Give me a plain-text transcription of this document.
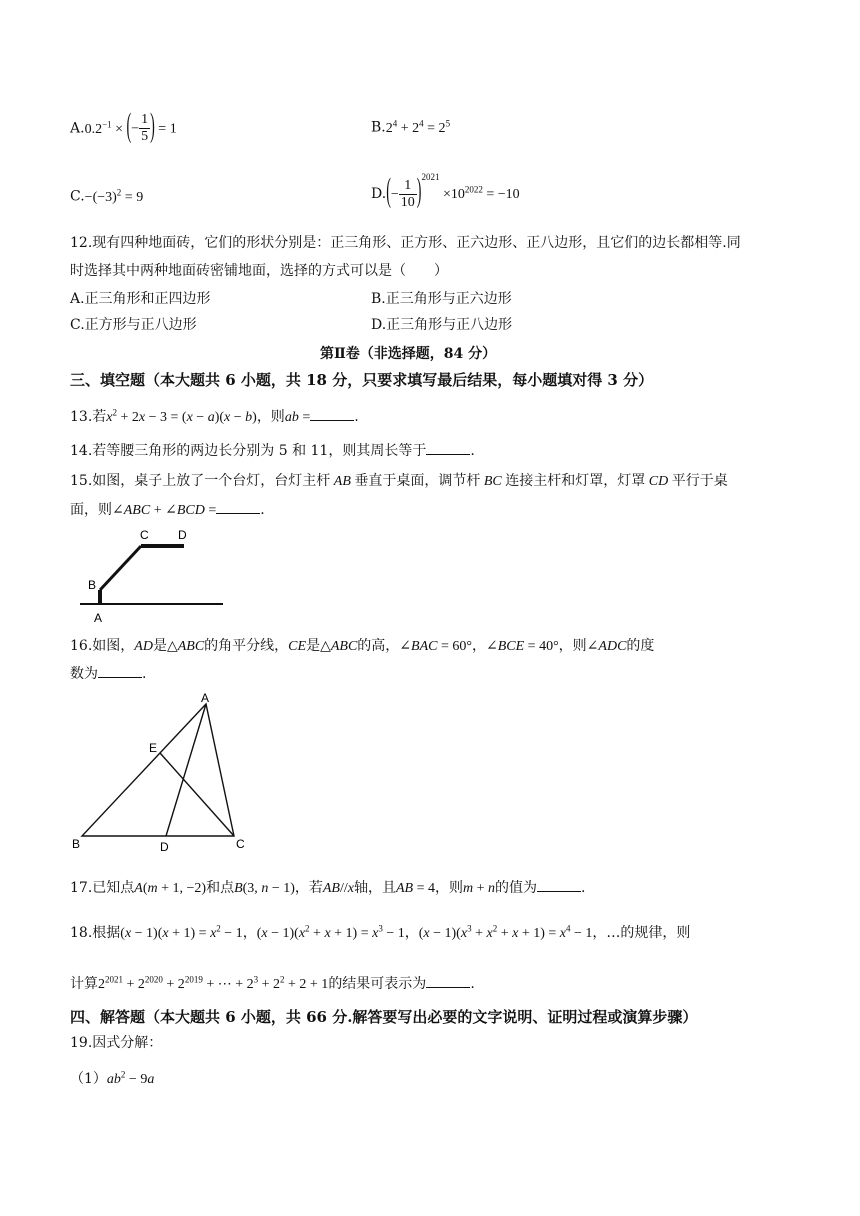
$A.0.2^{-1}$ × (− $\frac{1}{5}$ ) = 1	$B.2^4 + 2^4 = 2^5$
$C.-(-3)^2 = 9$	$D.(- \frac{1}{10} )^{2021} \times 10^{2022} = -10$
12.现有四种地面砖，它们的形状分别是：正三角形、正方形、正六边形、正八边形，且它们的边长都相等.同
时选择其中两种地面砖密铺地面，选择的方式可以是（　　）
A.正三角形和正四边形	B.正三角形与正六边形
C.正方形与正八边形	D.正三角形与正八边形
第Ⅱ卷（非选择题，84 分）
三、填空题（本大题共 6 小题，共 18 分，只要求填写最后结果，每小题填对得 3 分）
13.若$x^2 + 2x - 3 = (x - a)(x - b)$，则ab =	.
14.若等腰三角形的两边长分别为 5 和 11，则其周长等于	.
15.如图，桌子上放了一个台灯，台灯主杆 AB 垂直于桌面，调节杆 BC 连接主杆和灯罩，灯罩 CD 平行于桌
面，则∠ABC + ∠BCD =	.
A
B
C D
16.如图，AD是△ABC的角平分线，CE是△ABC的高，∠BAC = 60°，∠BCE = 40°，则∠ADC的度
数为	.
A
B	C
D
E
17.已知点A(m + 1, −2)和点B(3, n − 1)，若AB//x轴，且AB = 4，则m + n的值为	.
18.根据$(x - 1)(x + 1) = x^2 - 1$，$(x - 1)(x^2 + x + 1) = x^3 - 1$，$(x - 1)(x^3 + x^2 + x + 1) = x^4 - 1$，…的规律，则
计算$2^{2021} + 2^{2020} + 2^{2019}$ + ⋯ + $2^3 + 2^2 + 2 + 1$的结果可表示为	.
四、解答题（本大题共 6 小题，共 66 分.解答要写出必要的文字说明、证明过程或演算步骤）
19.因式分解：
$(1)ab^2 - 9a$
